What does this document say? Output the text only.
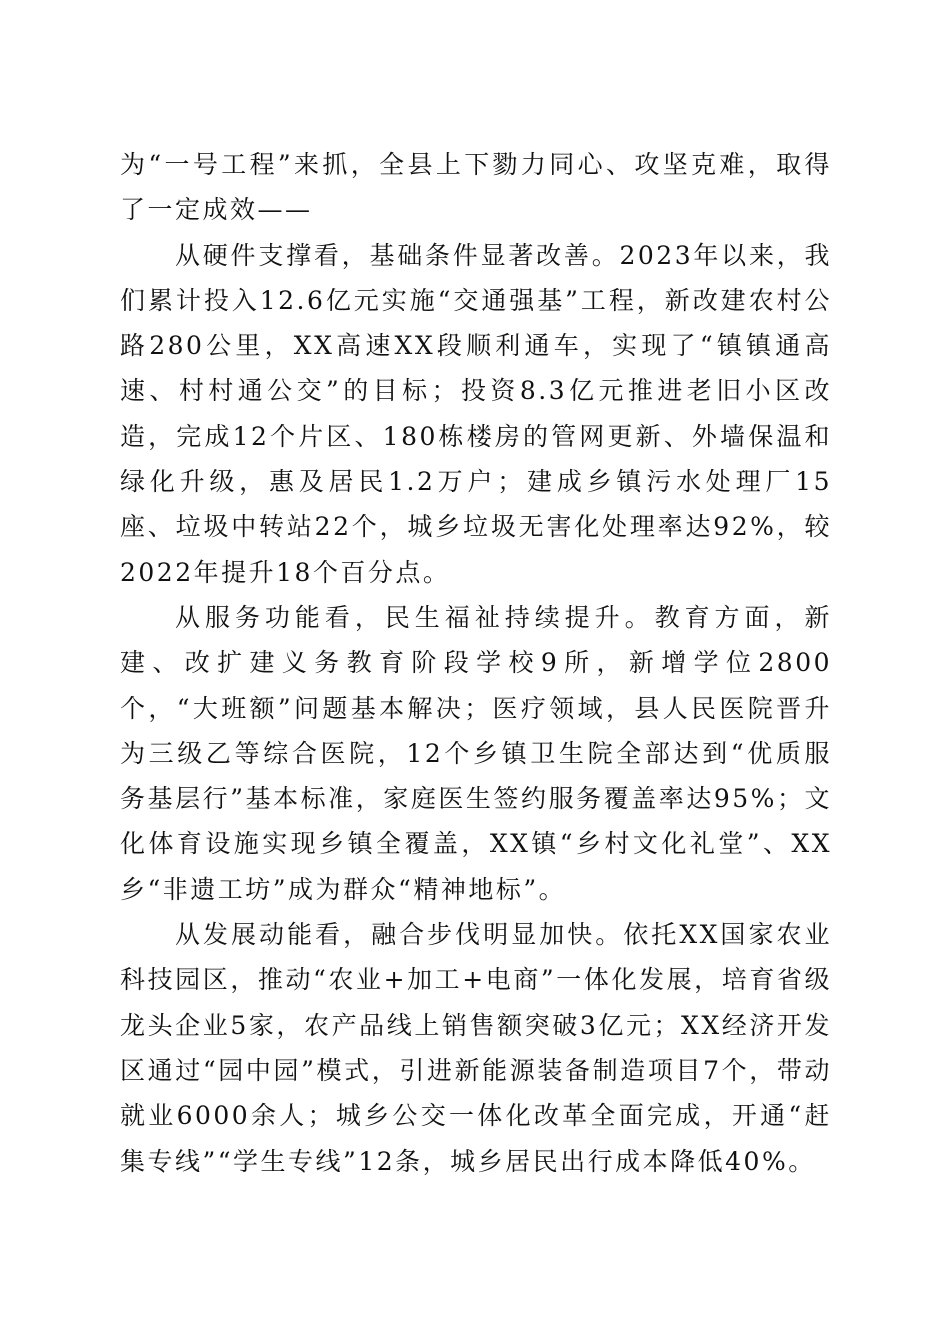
为“一号工程”来抓，全县上下勠力同心、攻坚克难，取得了一定成效——

从硬件支撑看，基础条件显著改善。2023年以来，我们累计投入12.6亿元实施“交通强基”工程，新改建农村公路280公里，XX高速XX段顺利通车，实现了“镇镇通高速、村村通公交”的目标；投资8.3亿元推进老旧小区改造，完成12个片区、180栋楼房的管网更新、外墙保温和绿化升级，惠及居民1.2万户；建成乡镇污水处理厂15座、垃圾中转站22个，城乡垃圾无害化处理率达92%，较2022年提升18个百分点。

从服务功能看，民生福祉持续提升。教育方面，新建、改扩建义务教育阶段学校9所，新增学位2800个，“大班额”问题基本解决；医疗领域，县人民医院晋升为三级乙等综合医院，12个乡镇卫生院全部达到“优质服务基层行”基本标准，家庭医生签约服务覆盖率达95%；文化体育设施实现乡镇全覆盖，XX镇“乡村文化礼堂”、XX乡“非遗工坊”成为群众“精神地标”。

从发展动能看，融合步伐明显加快。依托XX国家农业科技园区，推动“农业+加工+电商”一体化发展，培育省级龙头企业5家，农产品线上销售额突破3亿元；XX经济开发区通过“园中园”模式，引进新能源装备制造项目7个，带动就业6000余人；城乡公交一体化改革全面完成，开通“赶集专线”“学生专线”12条，城乡居民出行成本降低40%。
